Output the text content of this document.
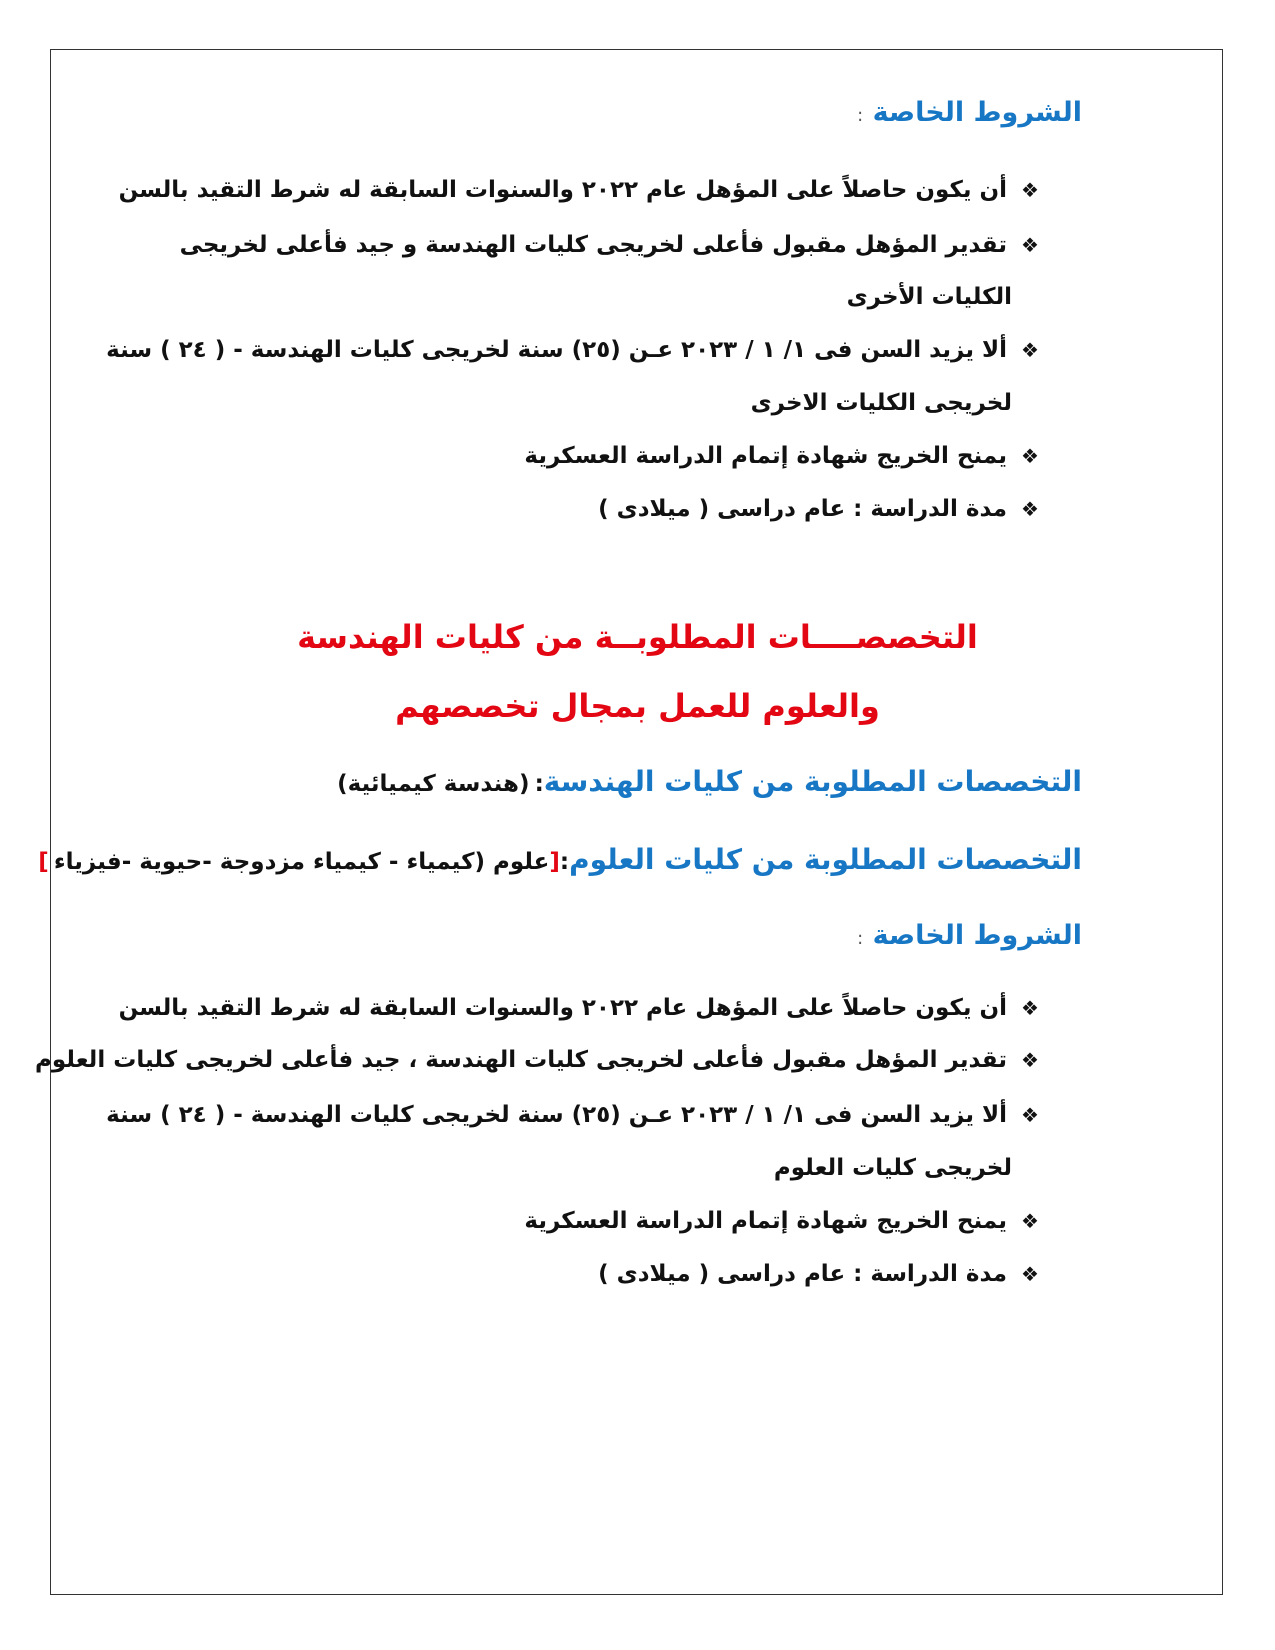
الشروط الخاصة :
❖ أن يكون حاصلاً على المؤهل عام ٢٠٢٢ والسنوات السابقة له شرط التقيد بالسن
❖ تقدير المؤهل مقبول فأعلى لخريجى كليات الهندسة و جيد فأعلى لخريجى
الكليات الأخرى
❖ ألا يزيد السن فى ١/ ١ / ٢٠٢٣ عـن (٢٥) سنة لخريجى كليات الهندسة - ( ٢٤ ) سنة
لخريجى الكليات الاخرى
❖ يمنح الخريج شهادة إتمام الدراسة العسكرية
❖ مدة الدراسة : عام دراسى ( ميلادى )
التخصصــــات المطلوبــة من كليات الهندسة
والعلوم للعمل بمجال تخصصهم
التخصصات المطلوبة من كليات الهندسة: (هندسة كيميائية)
التخصصات المطلوبة من كليات العلوم:[علوم (كيمياء - كيمياء مزدوجة -حيوية -فيزياء ]
الشروط الخاصة :
❖ أن يكون حاصلاً على المؤهل عام ٢٠٢٢ والسنوات السابقة له شرط التقيد بالسن
❖ تقدير المؤهل مقبول فأعلى لخريجى كليات الهندسة ، جيد فأعلى لخريجى كليات العلوم
❖ ألا يزيد السن فى ١/ ١ / ٢٠٢٣ عـن (٢٥) سنة لخريجى كليات الهندسة - ( ٢٤ ) سنة
لخريجى كليات العلوم
❖ يمنح الخريج شهادة إتمام الدراسة العسكرية
❖ مدة الدراسة : عام دراسى ( ميلادى )
